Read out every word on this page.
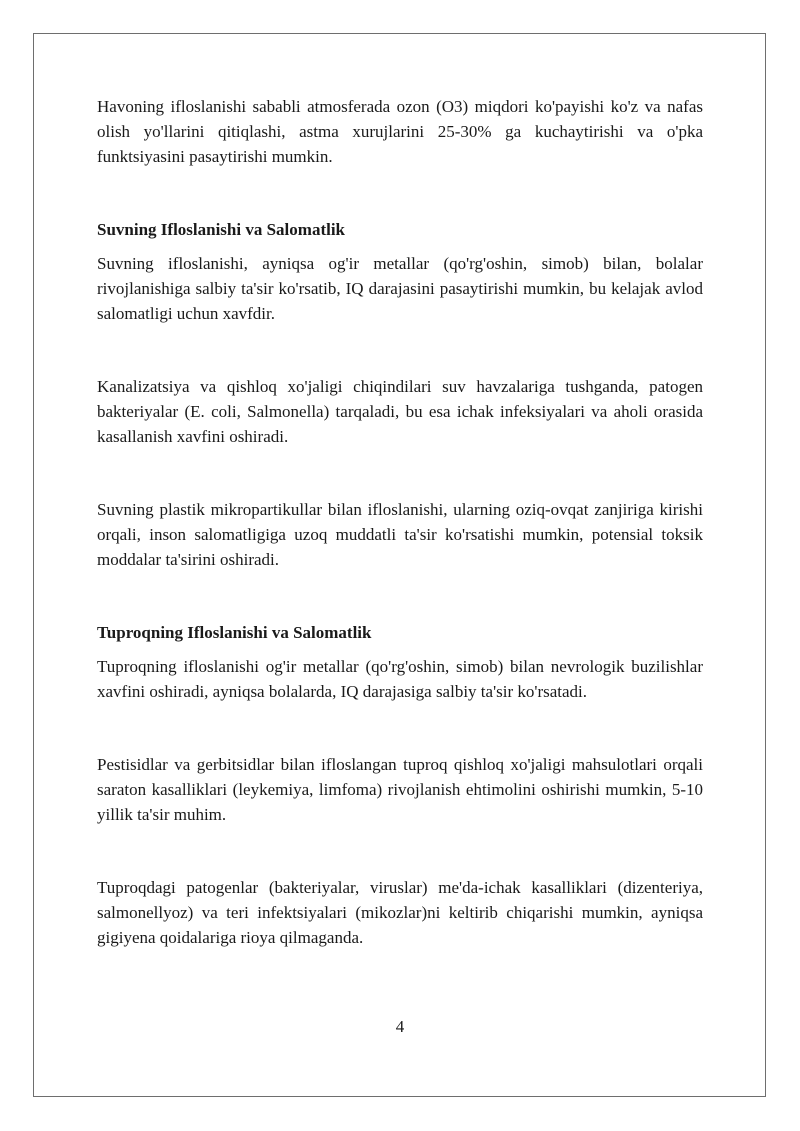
Havoning ifloslanishi sababli atmosferada ozon (O3) miqdori ko'payishi ko'z va nafas olish yo'llarini qitiqlashi, astma xurujlarini 25-30% ga kuchaytirishi va o'pka funktsiyasini pasaytirishi mumkin.

Suvning Ifloslanishi va Salomatlik

Suvning ifloslanishi, ayniqsa og'ir metallar (qo'rg'oshin, simob) bilan, bolalar rivojlanishiga salbiy ta'sir ko'rsatib, IQ darajasini pasaytirishi mumkin, bu kelajak avlod salomatligi uchun xavfdir.

Kanalizatsiya va qishloq xo'jaligi chiqindilari suv havzalariga tushganda, patogen bakteriyalar (E. coli, Salmonella) tarqaladi, bu esa ichak infeksiyalari va aholi orasida kasallanish xavfini oshiradi.

Suvning plastik mikropartikullar bilan ifloslanishi, ularning oziq-ovqat zanjiriga kirishi orqali, inson salomatligiga uzoq muddatli ta'sir ko'rsatishi mumkin, potensial toksik moddalar ta'sirini oshiradi.

Tuproqning Ifloslanishi va Salomatlik

Tuproqning ifloslanishi og'ir metallar (qo'rg'oshin, simob) bilan nevrologik buzilishlar xavfini oshiradi, ayniqsa bolalarda, IQ darajasiga salbiy ta'sir ko'rsatadi.

Pestisidlar va gerbitsidlar bilan ifloslangan tuproq qishloq xo'jaligi mahsulotlari orqali saraton kasalliklari (leykemiya, limfoma) rivojlanish ehtimolini oshirishi mumkin, 5-10 yillik ta'sir muhim.

Tuproqdagi patogenlar (bakteriyalar, viruslar) me'da-ichak kasalliklari (dizenteriya, salmonellyoz) va teri infektsiyalari (mikozlar)ni keltirib chiqarishi mumkin, ayniqsa gigiyena qoidalariga rioya qilmaganda.

4
